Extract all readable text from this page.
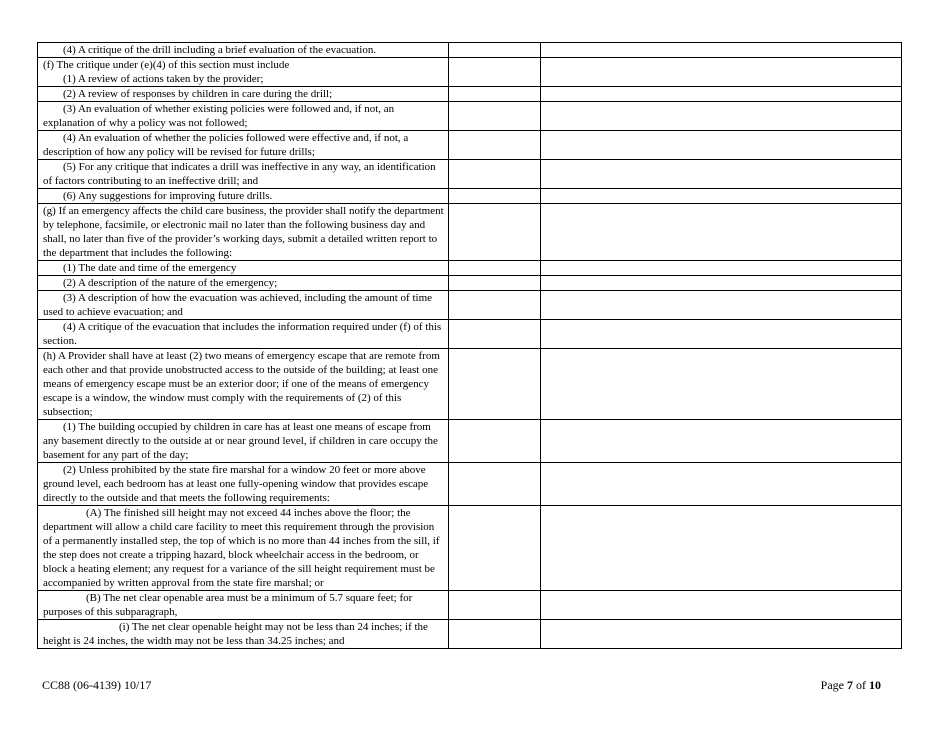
(4) A critique of the drill including a brief evaluation of the evacuation.		

(f) The critique under (e)(4) of this section must include
(1) A review of actions taken by the provider;		

(2) A review of responses by children in care during the drill;		

(3) An evaluation of whether existing policies were followed and, if not, an explanation of why a policy was not followed;		

(4) An evaluation of whether the policies followed were effective and, if not, a description of how any policy will be revised for future drills;		

(5) For any critique that indicates a drill was ineffective in any way, an identification of factors contributing to an ineffective drill; and		

(6) Any suggestions for improving future drills.		

(g) If an emergency affects the child care business, the provider shall notify the department by telephone, facsimile, or electronic mail no later than the following business day and shall, no later than five of the provider’s working days, submit a detailed written report to the department that includes the following:		

(1) The date and time of the emergency		

(2) A description of the nature of the emergency;		

(3) A description of how the evacuation was achieved, including the amount of time used to achieve evacuation; and		

(4) A critique of the evacuation that includes the information required under (f) of this section.		

(h) A Provider shall have at least (2) two means of emergency escape that are remote from each other and that provide unobstructed access to the outside of the building; at least one means of emergency escape must be an exterior door; if one of the means of emergency escape is a window, the window must comply with the requirements of (2) of this subsection;		

(1) The building occupied by children in care has at least one means of escape from any basement directly to the outside at or near ground level, if children in care occupy the basement for any part of the day;		

(2) Unless prohibited by the state fire marshal for a window 20 feet or more above ground level, each bedroom has at least one fully-opening window that provides escape directly to the outside and that meets the following requirements:		

(A) The finished sill height may not exceed 44 inches above the floor; the department will allow a child care facility to meet this requirement through the provision of a permanently installed step, the top of which is no more than 44 inches from the sill, if the step does not create a tripping hazard, block wheelchair access in the bedroom, or block a heating element; any request for a variance of the sill height requirement must be accompanied by written approval from the state fire marshal; or		

(B) The net clear openable area must be a minimum of 5.7 square feet; for purposes of this subparagraph,		

(i) The net clear openable height may not be less than 24 inches; if the height is 24 inches, the width may not be less than 34.25 inches; and		

CC88 (06-4139) 10/17	Page 7 of 10
